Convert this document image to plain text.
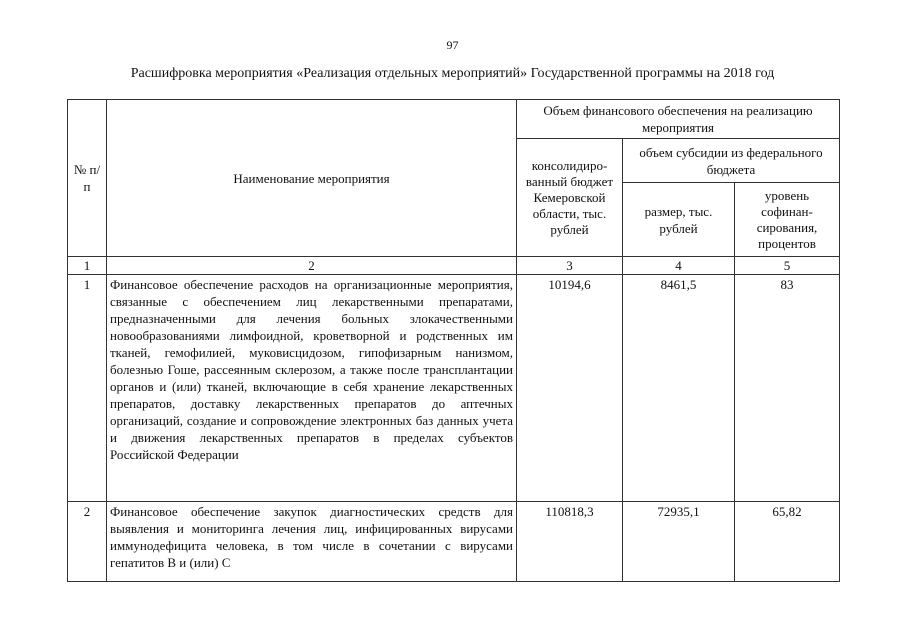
97
Расшифровка мероприятия «Реализация отдельных мероприятий» Государственной программы на 2018 год
№ п/п	Наименование мероприятия	Объем финансового обеспечения на реализацию мероприятия		
		консолидиро-ванный бюджет Кемеровской области, тыс. рублей	объем субсидии из федерального бюджета	
			размер, тыс. рублей	уровень софинан-сирования, процентов
1	2	3	4	5
1	Финансовое обеспечение расходов на организационные мероприятия, связанные с обеспечением лиц лекарственными препаратами, предназначенными для лечения больных злокачественными новообразованиями лимфоидной, кроветворной и родственных им тканей, гемофилией, муковисцидозом, гипофизарным нанизмом, болезнью Гоше, рассеянным склерозом, а также после трансплантации органов и (или) тканей, включающие в себя хранение лекарственных препаратов, доставку лекарственных препаратов до аптечных организаций, создание и сопровождение электронных баз данных учета и движения лекарственных препаратов в пределах субъектов Российской Федерации	10194,6	8461,5	83
2	Финансовое обеспечение закупок диагностических средств для выявления и мониторинга лечения лиц, инфицированных вирусами иммунодефицита человека, в том числе в сочетании с вирусами гепатитов В и (или) С	110818,3	72935,1	65,82
